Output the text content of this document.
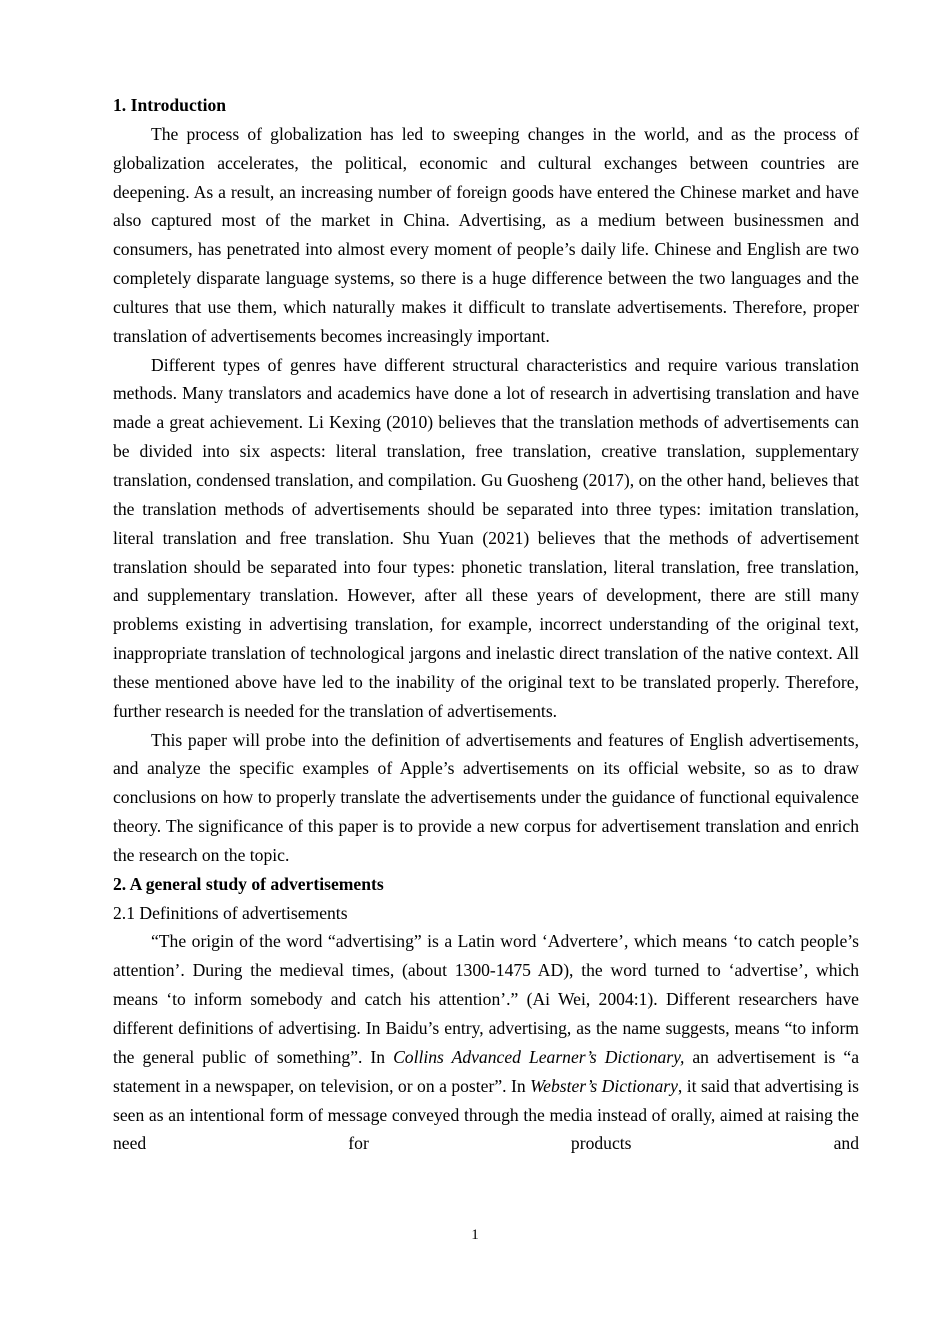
1. Introduction

The process of globalization has led to sweeping changes in the world, and as the process of globalization accelerates, the political, economic and cultural exchanges between countries are deepening. As a result, an increasing number of foreign goods have entered the Chinese market and have also captured most of the market in China. Advertising, as a medium between businessmen and consumers, has penetrated into almost every moment of people’s daily life. Chinese and English are two completely disparate language systems, so there is a huge difference between the two languages and the cultures that use them, which naturally makes it difficult to translate advertisements. Therefore, proper translation of advertisements becomes increasingly important.

Different types of genres have different structural characteristics and require various translation methods. Many translators and academics have done a lot of research in advertising translation and have made a great achievement. Li Kexing (2010) believes that the translation methods of advertisements can be divided into six aspects: literal translation, free translation, creative translation, supplementary translation, condensed translation, and compilation. Gu Guosheng (2017), on the other hand, believes that the translation methods of advertisements should be separated into three types: imitation translation, literal translation and free translation. Shu Yuan (2021) believes that the methods of advertisement translation should be separated into four types: phonetic translation, literal translation, free translation, and supplementary translation. However, after all these years of development, there are still many problems existing in advertising translation, for example, incorrect understanding of the original text, inappropriate translation of technological jargons and inelastic direct translation of the native context. All these mentioned above have led to the inability of the original text to be translated properly. Therefore, further research is needed for the translation of advertisements.

This paper will probe into the definition of advertisements and features of English advertisements, and analyze the specific examples of Apple’s advertisements on its official website, so as to draw conclusions on how to properly translate the advertisements under the guidance of functional equivalence theory. The significance of this paper is to provide a new corpus for advertisement translation and enrich the research on the topic.

2. A general study of advertisements
2.1 Definitions of advertisements

“The origin of the word “advertising” is a Latin word ‘Advertere’, which means ‘to catch people’s attention’. During the medieval times, (about 1300-1475 AD), the word turned to ‘advertise’, which means ‘to inform somebody and catch his attention’.” (Ai Wei, 2004:1). Different researchers have different definitions of advertising. In Baidu’s entry, advertising, as the name suggests, means “to inform the general public of something”. In Collins Advanced Learner’s Dictionary, an advertisement is “a statement in a newspaper, on television, or on a poster”. In Webster’s Dictionary, it said that advertising is seen as an intentional form of message conveyed through the media instead of orally, aimed at raising the need for products and

1
